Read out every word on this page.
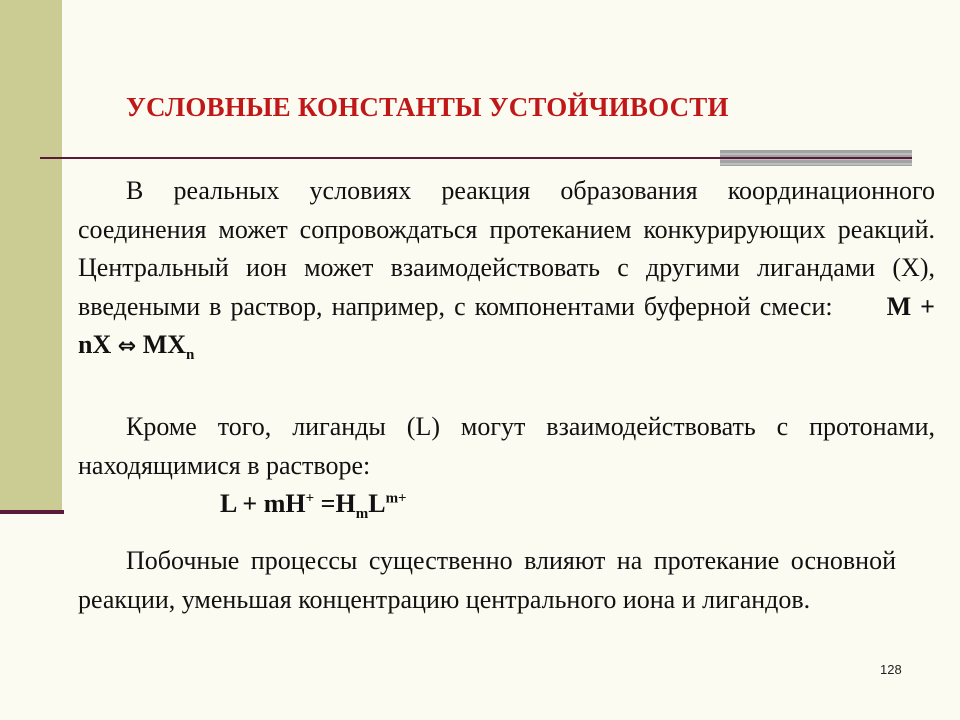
УСЛОВНЫЕ КОНСТАНТЫ УСТОЙЧИВОСТИ
В реальных условиях реакция образования координационного соединения может сопровождаться протеканием конкурирующих реакций. Центральный ион может взаимодействовать с другими лигандами (X), введеными в раствор, например, с компонентами буферной смеси: M + nX ⇔ $MX_n$
Кроме того, лиганды (L) могут взаимодействовать с протонами, находящимися в растворе:
$L + mH^+ =H_mL^{m+}$
Побочные процессы существенно влияют на протекание основной реакции, уменьшая концентрацию центрального иона и лигандов.
128
